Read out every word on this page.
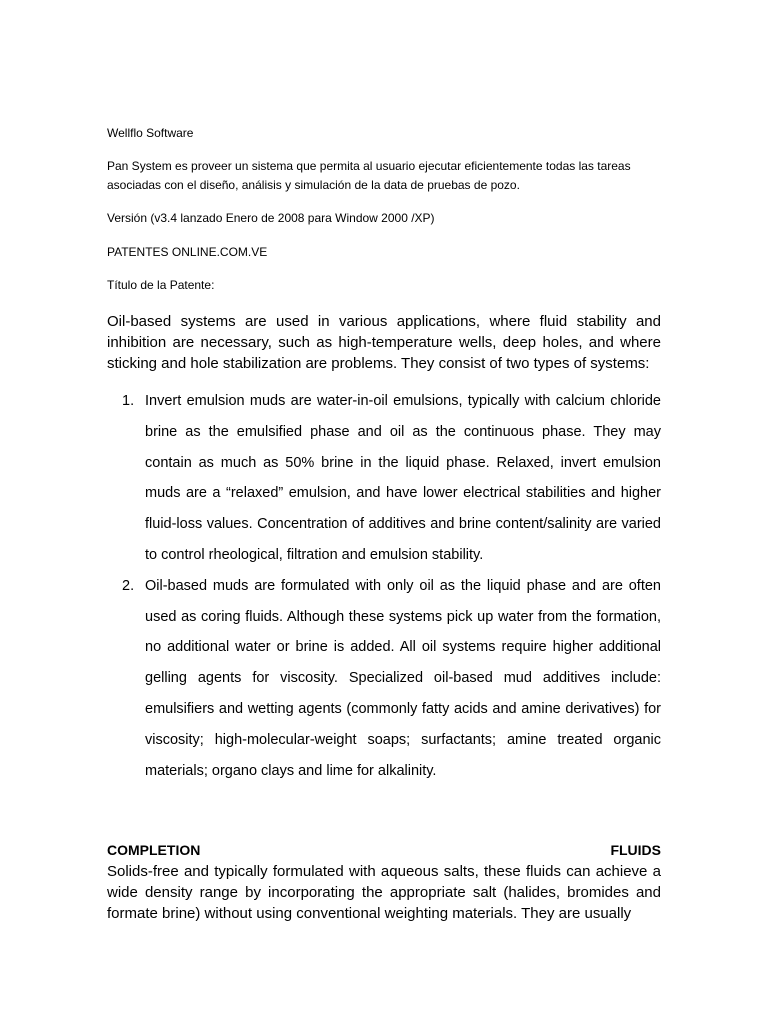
Wellflo Software
Pan System es proveer un sistema que permita al usuario ejecutar eficientemente todas las tareas asociadas con el diseño, análisis y simulación de la data de pruebas de pozo.
Versión (v3.4 lanzado Enero de 2008 para Window 2000 /XP)
PATENTES ONLINE.COM.VE
Título de la Patente:
Oil-based systems are used in various applications, where fluid stability and inhibition are necessary, such as high-temperature wells, deep holes, and where sticking and hole stabilization are problems. They consist of two types of systems:
1. Invert emulsion muds are water-in-oil emulsions, typically with calcium chloride brine as the emulsified phase and oil as the continuous phase. They may contain as much as 50% brine in the liquid phase. Relaxed, invert emulsion muds are a “relaxed” emulsion, and have lower electrical stabilities and higher fluid-loss values. Concentration of additives and brine content/salinity are varied to control rheological, filtration and emulsion stability.
2. Oil-based muds are formulated with only oil as the liquid phase and are often used as coring fluids. Although these systems pick up water from the formation, no additional water or brine is added. All oil systems require higher additional gelling agents for viscosity. Specialized oil-based mud additives include: emulsifiers and wetting agents (commonly fatty acids and amine derivatives) for viscosity; high-molecular-weight soaps; surfactants; amine treated organic materials; organo clays and lime for alkalinity.
COMPLETION	FLUIDS
Solids-free and typically formulated with aqueous salts, these fluids can achieve a wide density range by incorporating the appropriate salt (halides, bromides and formate brine) without using conventional weighting materials. They are usually
